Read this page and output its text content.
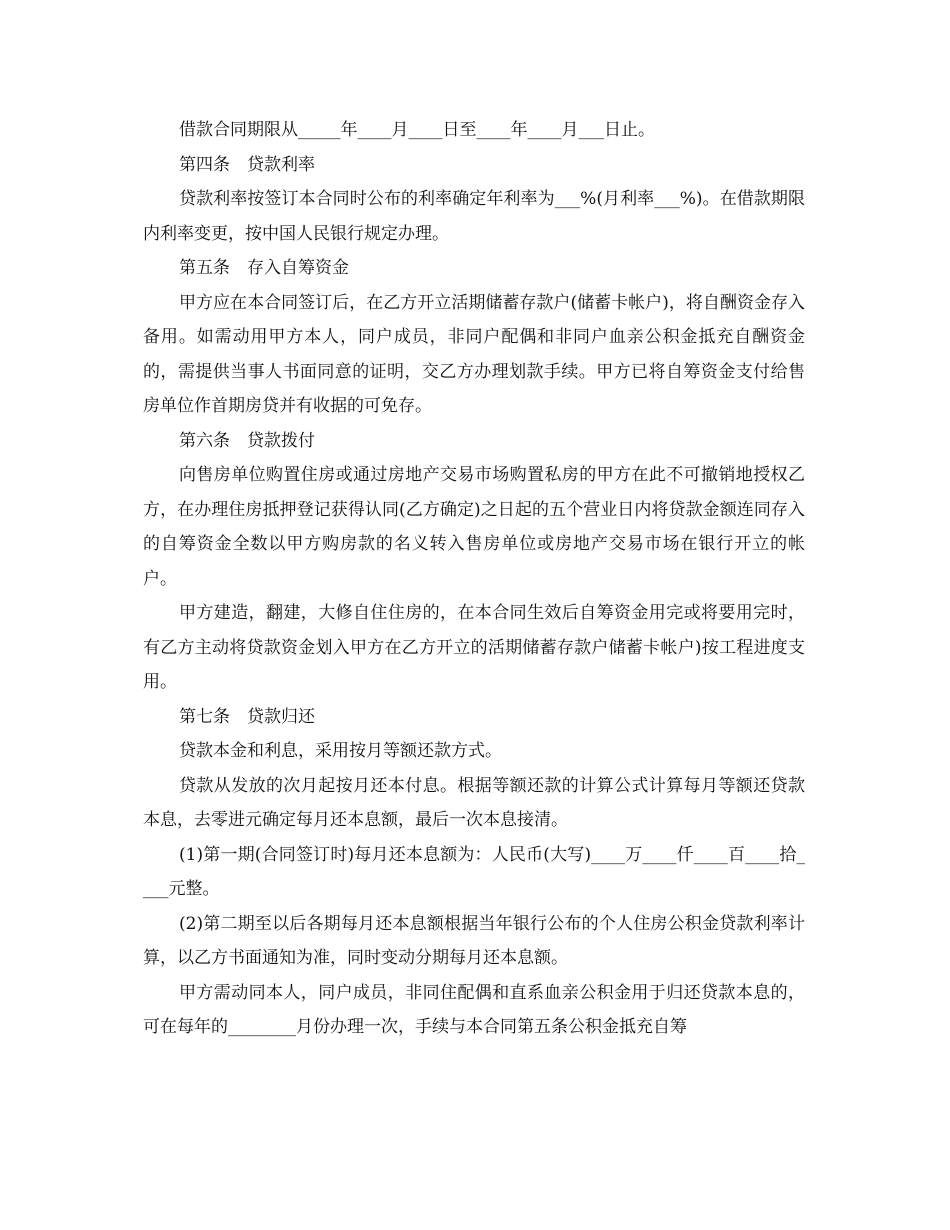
借款合同期限从_____年____月____日至____年____月___日止。

第四条　贷款利率

贷款利率按签订本合同时公布的利率确定年利率为___%(月利率___%)。在借款期限内利率变更，按中国人民银行规定办理。

第五条　存入自筹资金

甲方应在本合同签订后，在乙方开立活期储蓄存款户(储蓄卡帐户)，将自酬资金存入备用。如需动用甲方本人，同户成员，非同户配偶和非同户血亲公积金抵充自酬资金的，需提供当事人书面同意的证明，交乙方办理划款手续。甲方已将自筹资金支付给售房单位作首期房贷并有收据的可免存。

第六条　贷款拨付

向售房单位购置住房或通过房地产交易市场购置私房的甲方在此不可撤销地授权乙方，在办理住房抵押登记获得认同(乙方确定)之日起的五个营业日内将贷款金额连同存入的自筹资金全数以甲方购房款的名义转入售房单位或房地产交易市场在银行开立的帐户。

甲方建造，翻建，大修自住住房的，在本合同生效后自筹资金用完或将要用完时，有乙方主动将贷款资金划入甲方在乙方开立的活期储蓄存款户储蓄卡帐户)按工程进度支用。

第七条　贷款归还

贷款本金和利息，采用按月等额还款方式。

贷款从发放的次月起按月还本付息。根据等额还款的计算公式计算每月等额还贷款本息，去零进元确定每月还本息额，最后一次本息接清。

(1)第一期(合同签订时)每月还本息额为：人民币(大写)____万____仟____百____拾____元整。

(2)第二期至以后各期每月还本息额根据当年银行公布的个人住房公积金贷款利率计算，以乙方书面通知为准，同时变动分期每月还本息额。

甲方需动同本人，同户成员，非同住配偶和直系血亲公积金用于归还贷款本息的，可在每年的________月份办理一次，手续与本合同第五条公积金抵充自筹
